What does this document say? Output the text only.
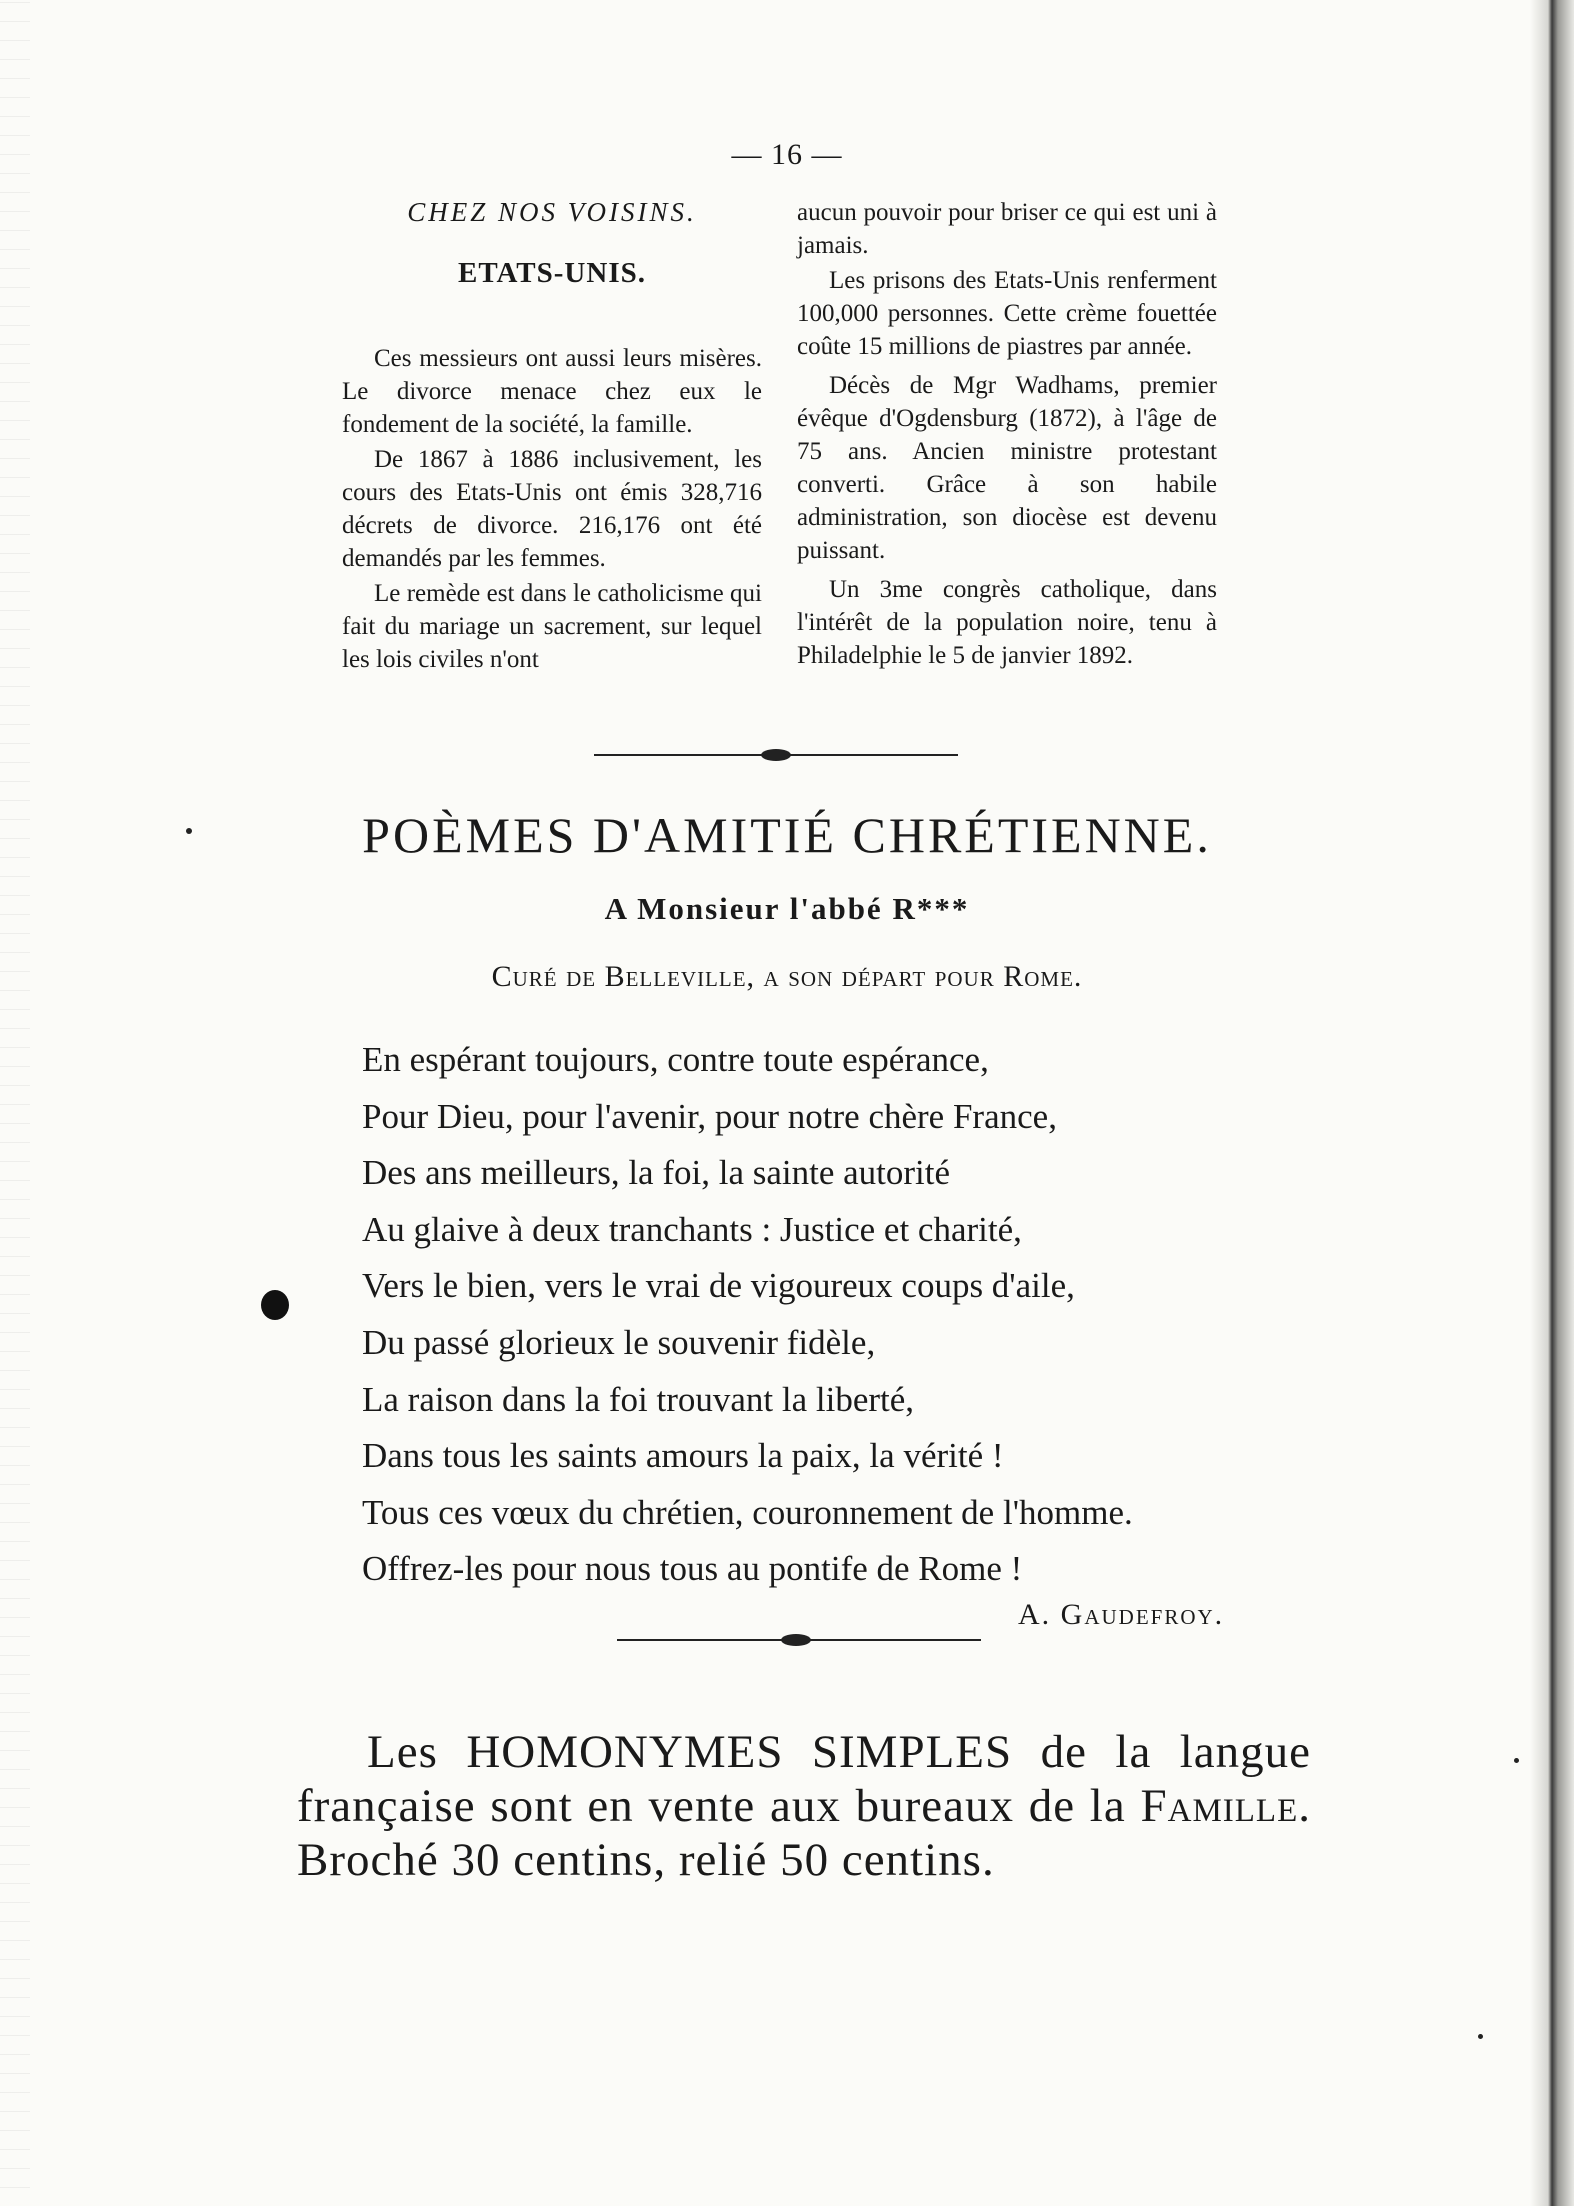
— 16 —
CHEZ NOS VOISINS.
ETATS-UNIS.

Ces messieurs ont aussi leurs misères. Le divorce menace chez eux le fondement de la société, la famille.

De 1867 à 1886 inclusivement, les cours des Etats-Unis ont émis 328,716 décrets de divorce. 216,176 ont été demandés par les femmes.

Le remède est dans le catholicisme qui fait du mariage un sacrement, sur lequel les lois civiles n'ont

aucun pouvoir pour briser ce qui est uni à jamais.

Les prisons des Etats-Unis renferment 100,000 personnes. Cette crème fouettée coûte 15 millions de piastres par année.

Décès de Mgr Wadhams, premier évêque d'Ogdensburg (1872), à l'âge de 75 ans. Ancien ministre protestant converti. Grâce à son habile administration, son diocèse est devenu puissant.

Un 3me congrès catholique, dans l'intérêt de la population noire, tenu à Philadelphie le 5 de janvier 1892.

POÈMES D'AMITIÉ CHRÉTIENNE.
A Monsieur l'abbé R***
Curé de Belleville, a son départ pour Rome.
En espérant toujours, contre toute espérance,
Pour Dieu, pour l'avenir, pour notre chère France,
Des ans meilleurs, la foi, la sainte autorité
Au glaive à deux tranchants : Justice et charité,
Vers le bien, vers le vrai de vigoureux coups d'aile,
Du passé glorieux le souvenir fidèle,
La raison dans la foi trouvant la liberté,
Dans tous les saints amours la paix, la vérité !
Tous ces vœux du chrétien, couronnement de l'homme.
Offrez-les pour nous tous au pontife de Rome !
A. Gaudefroy.

Les HOMONYMES SIMPLES de la langue française sont en vente aux bureaux de la Famille. Broché 30 centins, relié 50 centins.
